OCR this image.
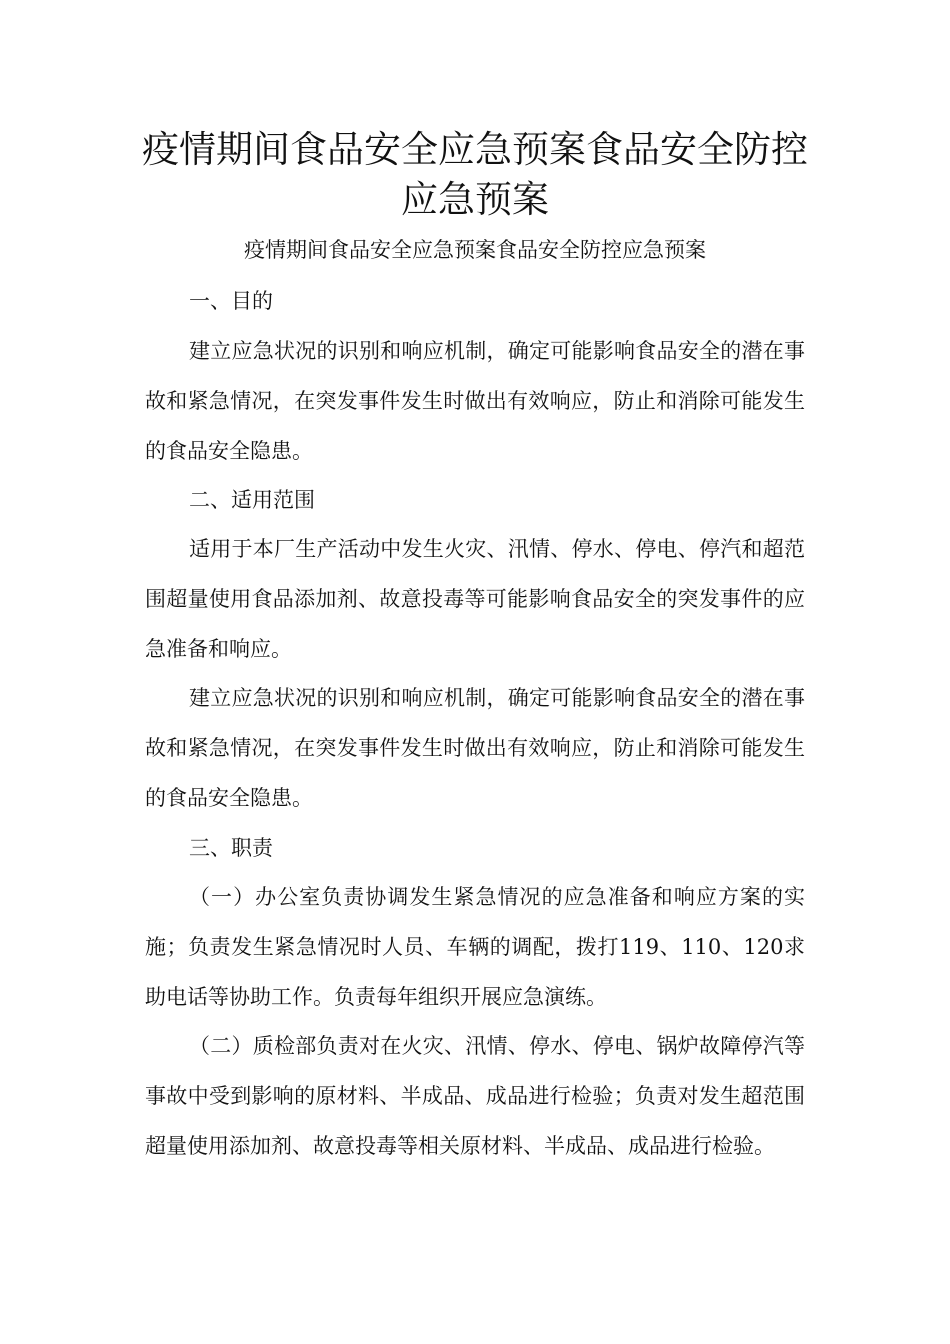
疫情期间食品安全应急预案食品安全防控应急预案

疫情期间食品安全应急预案食品安全防控应急预案

一、目的

建立应急状况的识别和响应机制，确定可能影响食品安全的潜在事故和紧急情况，在突发事件发生时做出有效响应，防止和消除可能发生的食品安全隐患。

二、适用范围

适用于本厂生产活动中发生火灾、汛情、停水、停电、停汽和超范围超量使用食品添加剂、故意投毒等可能影响食品安全的突发事件的应急准备和响应。

建立应急状况的识别和响应机制，确定可能影响食品安全的潜在事故和紧急情况，在突发事件发生时做出有效响应，防止和消除可能发生的食品安全隐患。

三、职责

（一）办公室负责协调发生紧急情况的应急准备和响应方案的实施；负责发生紧急情况时人员、车辆的调配，拨打119、110、120求助电话等协助工作。负责每年组织开展应急演练。

（二）质检部负责对在火灾、汛情、停水、停电、锅炉故障停汽等事故中受到影响的原材料、半成品、成品进行检验；负责对发生超范围超量使用添加剂、故意投毒等相关原材料、半成品、成品进行检验。
